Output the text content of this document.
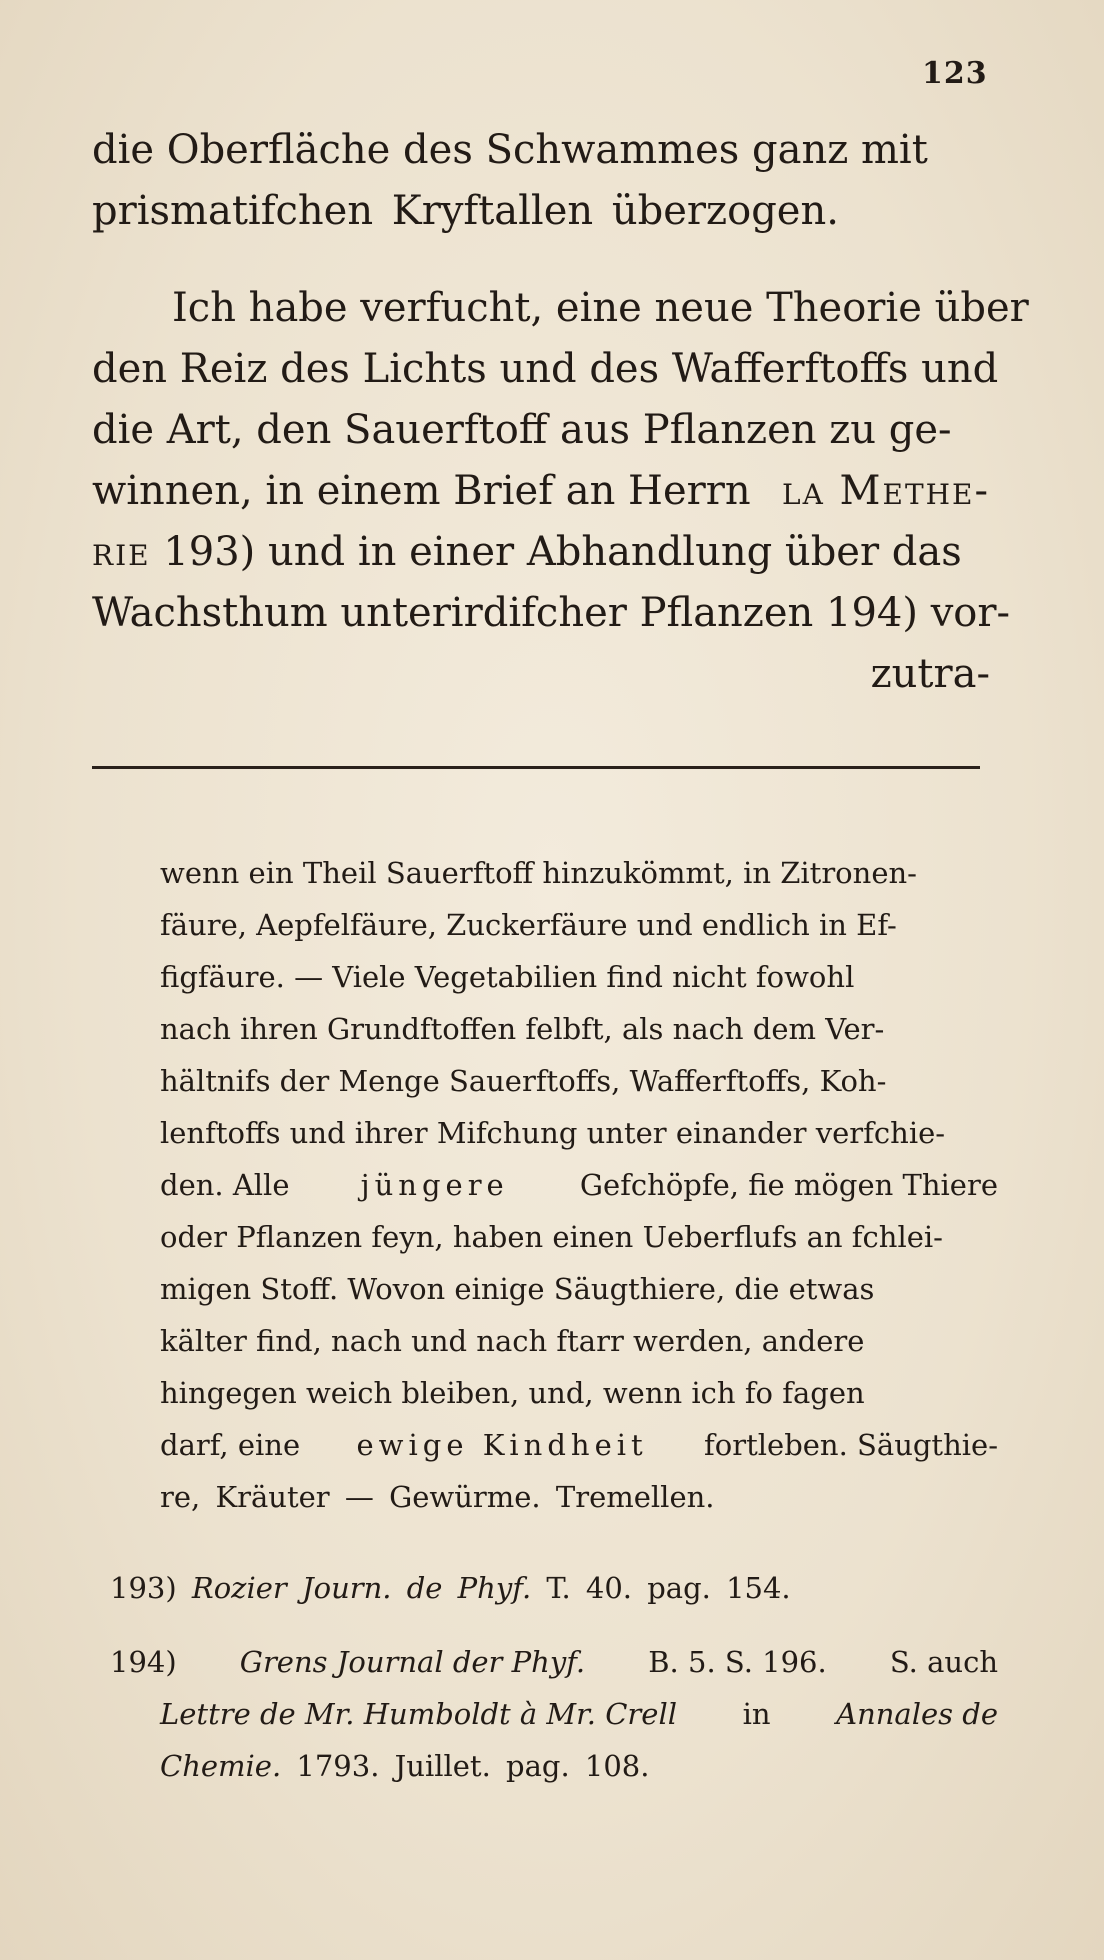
123
die Oberfläche des Schwammes ganz mit
prismatifchen Kryftallen überzogen.
Ich habe verfucht, eine neue Theorie über
den Reiz des Lichts und des Wafferftoffs und
die Art, den Sauerftoff aus Pflanzen zu ge-
winnen, in einem Brief an Herrn la Methe-
rie 193) und in einer Abhandlung über das
Wachsthum unterirdifcher Pflanzen 194) vor-
zutra-
wenn ein Theil Sauerftoff hinzukömmt, in Zitronen-
fäure, Aepfelfäure, Zuckerfäure und endlich in Ef-
figfäure. — Viele Vegetabilien find nicht fowohl
nach ihren Grundftoffen felbft, als nach dem Ver-
hältnifs der Menge Sauerftoffs, Wafferftoffs, Koh-
lenftoffs und ihrer Mifchung unter einander verfchie-
den. Alle jüngere Gefchöpfe, fie mögen Thiere
oder Pflanzen feyn, haben einen Ueberflufs an fchlei-
migen Stoff. Wovon einige Säugthiere, die etwas
kälter find, nach und nach ftarr werden, andere
hingegen weich bleiben, und, wenn ich fo fagen
darf, eine ewige Kindheit fortleben. Säugthie-
re, Kräuter — Gewürme. Tremellen.
193)
Rozier Journ. de Phyf.
T. 40. pag. 154.
194) Grens Journal der Phyf. B. 5. S. 196. S. auch
Lettre de Mr. Humboldt à Mr. Crell in Annales de
Chemie.
1793. Juillet. pag. 108.
